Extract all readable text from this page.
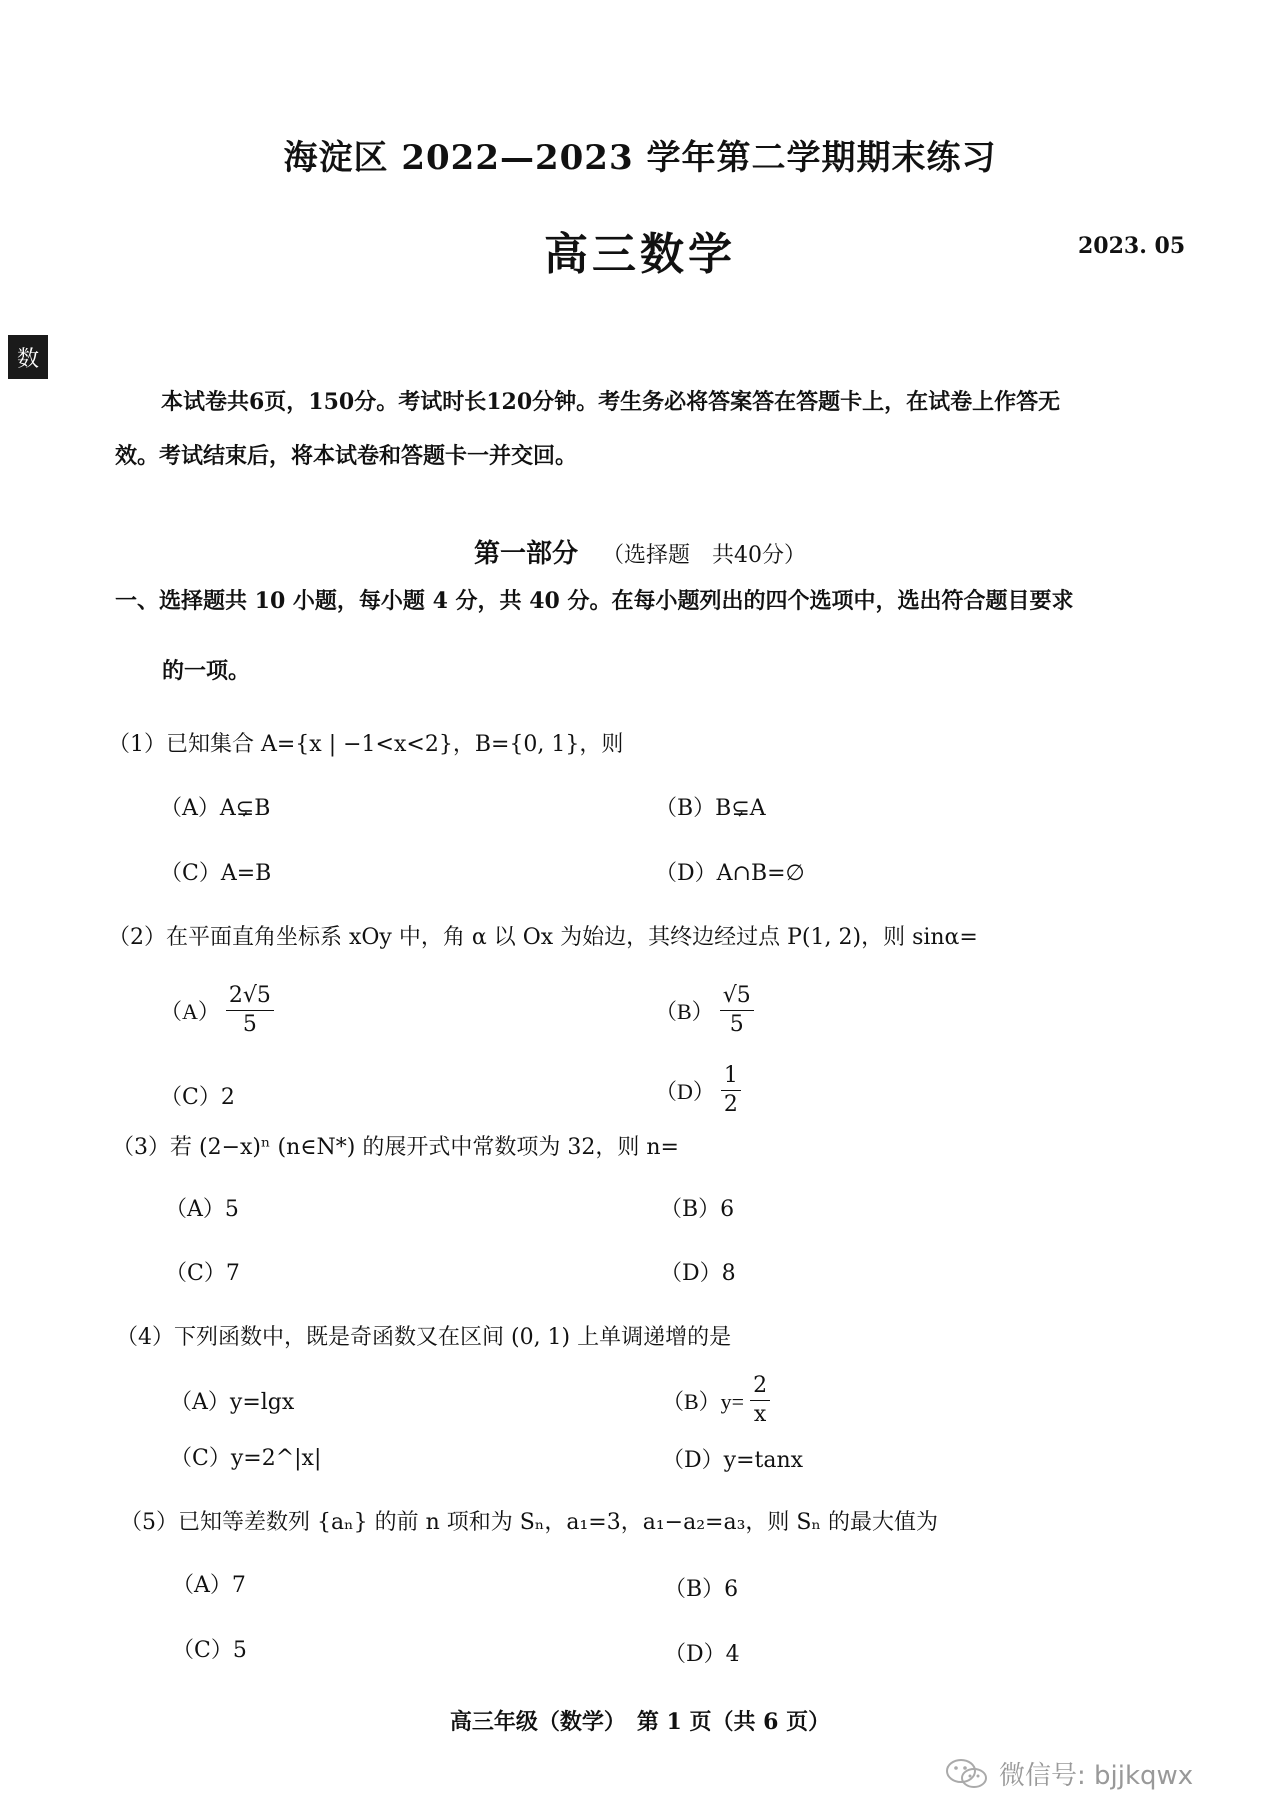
海淀区 2022—2023 学年第二学期期末练习
高三数学	2023. 05
数
本试卷共6页，150分。考试时长120分钟。考生务必将答案答在答题卡上，在试卷上作答无
效。考试结束后，将本试卷和答题卡一并交回。
第一部分 （选择题　共40分）
一、选择题共 10 小题，每小题 4 分，共 40 分。在每小题列出的四个选项中，选出符合题目要求
的一项。
（1）已知集合 A={x | −1<x<2}，B={0, 1}，则
（A）A⊊B	（B）B⊊A
（C）A=B	（D）A∩B=∅
（2）在平面直角坐标系 xOy 中，角 α 以 Ox 为始边，其终边经过点 P(1, 2)，则 sinα=
$(A) \frac{2√5}{5}$	$(B) \frac{√5}{5}$
（C）2	$(D) \frac{1}{2}$
（3）若 (2−x)ⁿ (n∈N*) 的展开式中常数项为 32，则 n=
（A）5	（B）6
（C）7	（D）8
（4）下列函数中，既是奇函数又在区间 (0, 1) 上单调递增的是
（A）y=lgx	$(B)y= \frac{2}{x}$
（C）y=2^|x|	（D）y=tanx
（5）已知等差数列 {aₙ} 的前 n 项和为 Sₙ，a₁=3，a₁−a₂=a₃，则 Sₙ 的最大值为
（A）7	（B）6
（C）5	（D）4
高三年级（数学）　第 1 页（共 6 页）
微信号: bjjkqwx
